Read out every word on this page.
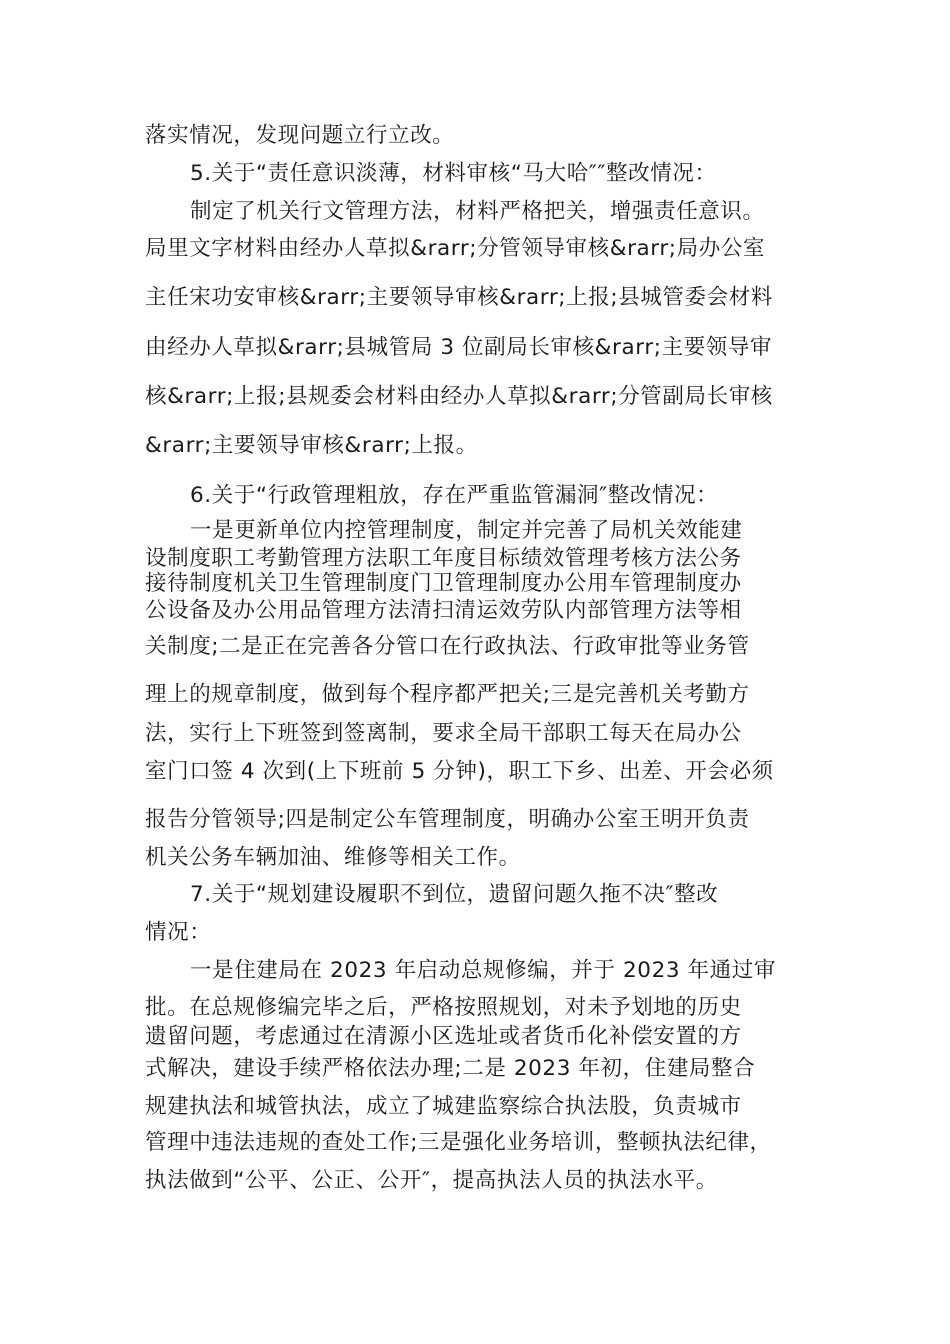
落实情况，发现问题立行立改。
5.关于“责任意识淡薄，材料审核“马大哈″″整改情况：
制定了机关行文管理方法，材料严格把关，增强责任意识。
局里文字材料由经办人草拟&rarr;分管领导审核&rarr;局办公室
主任宋功安审核&rarr;主要领导审核&rarr;上报;县城管委会材料
由经办人草拟&rarr;县城管局 3 位副局长审核&rarr;主要领导审
核&rarr;上报;县规委会材料由经办人草拟&rarr;分管副局长审核
&rarr;主要领导审核&rarr;上报。
6.关于“行政管理粗放，存在严重监管漏洞″整改情况：
一是更新单位内控管理制度，制定并完善了局机关效能建
设制度职工考勤管理方法职工年度目标绩效管理考核方法公务
接待制度机关卫生管理制度门卫管理制度办公用车管理制度办
公设备及办公用品管理方法清扫清运效劳队内部管理方法等相
关制度;二是正在完善各分管口在行政执法、行政审批等业务管
理上的规章制度，做到每个程序都严把关;三是完善机关考勤方
法，实行上下班签到签离制，要求全局干部职工每天在局办公
室门口签 4 次到(上下班前 5 分钟)，职工下乡、出差、开会必须
报告分管领导;四是制定公车管理制度，明确办公室王明开负责
机关公务车辆加油、维修等相关工作。
7.关于“规划建设履职不到位，遗留问题久拖不决″整改
情况：
一是住建局在 2023 年启动总规修编，并于 2023 年通过审
批。在总规修编完毕之后，严格按照规划，对未予划地的历史
遗留问题，考虑通过在清源小区选址或者货币化补偿安置的方
式解决，建设手续严格依法办理;二是 2023 年初，住建局整合
规建执法和城管执法，成立了城建监察综合执法股，负责城市
管理中违法违规的查处工作;三是强化业务培训，整顿执法纪律，
执法做到“公平、公正、公开″，提高执法人员的执法水平。
